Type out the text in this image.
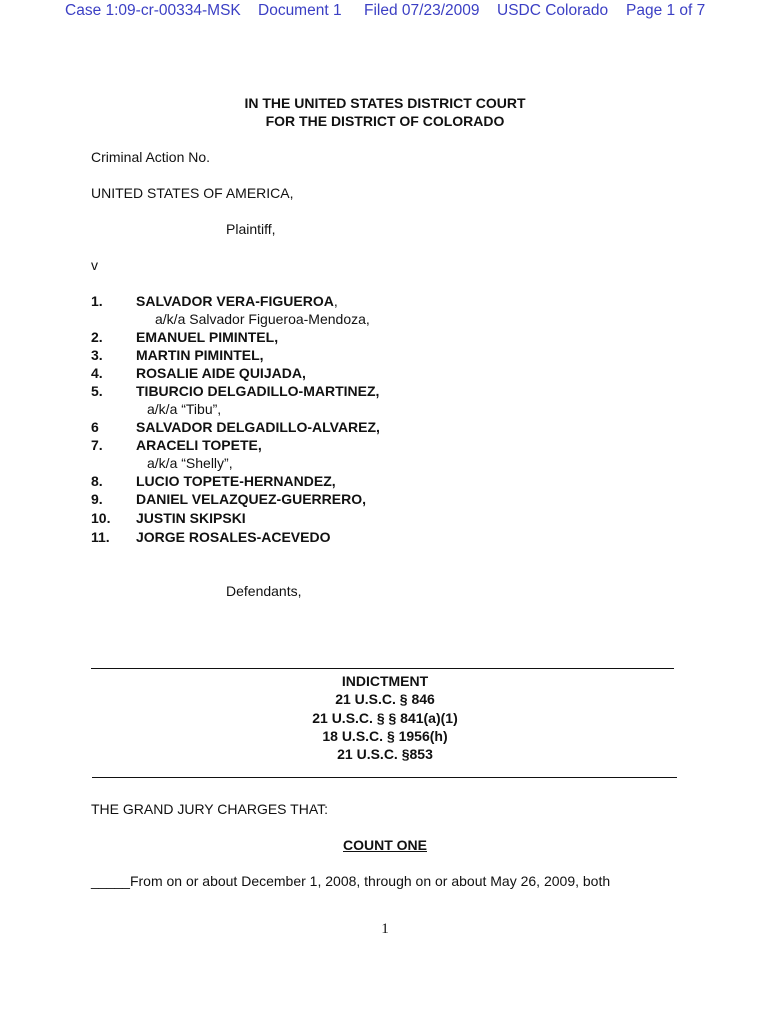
Case 1:09-cr-00334-MSK Document 1 Filed 07/23/2009 USDC Colorado Page 1 of 7
IN THE UNITED STATES DISTRICT COURT
FOR THE DISTRICT OF COLORADO
Criminal Action No.
UNITED STATES OF AMERICA,
Plaintiff,
v
1. SALVADOR VERA-FIGUEROA,
a/k/a Salvador Figueroa-Mendoza,
2. EMANUEL PIMINTEL,
3. MARTIN PIMINTEL,
4. ROSALIE AIDE QUIJADA,
5. TIBURCIO DELGADILLO-MARTINEZ,
a/k/a “Tibu”,
6	SALVADOR DELGADILLO-ALVAREZ,
7. ARACELI TOPETE,
a/k/a “Shelly”,
8. LUCIO TOPETE-HERNANDEZ,
9. DANIEL VELAZQUEZ-GUERRERO,
10. JUSTIN SKIPSKI
11. JORGE ROSALES-ACEVEDO
Defendants,
INDICTMENT
21 U.S.C. § 846
21 U.S.C. § § 841(a)(1)
18 U.S.C. § 1956(h)
21 U.S.C. §853
THE GRAND JURY CHARGES THAT:
COUNT ONE
_____From on or about December 1, 2008, through on or about May 26, 2009, both
1
